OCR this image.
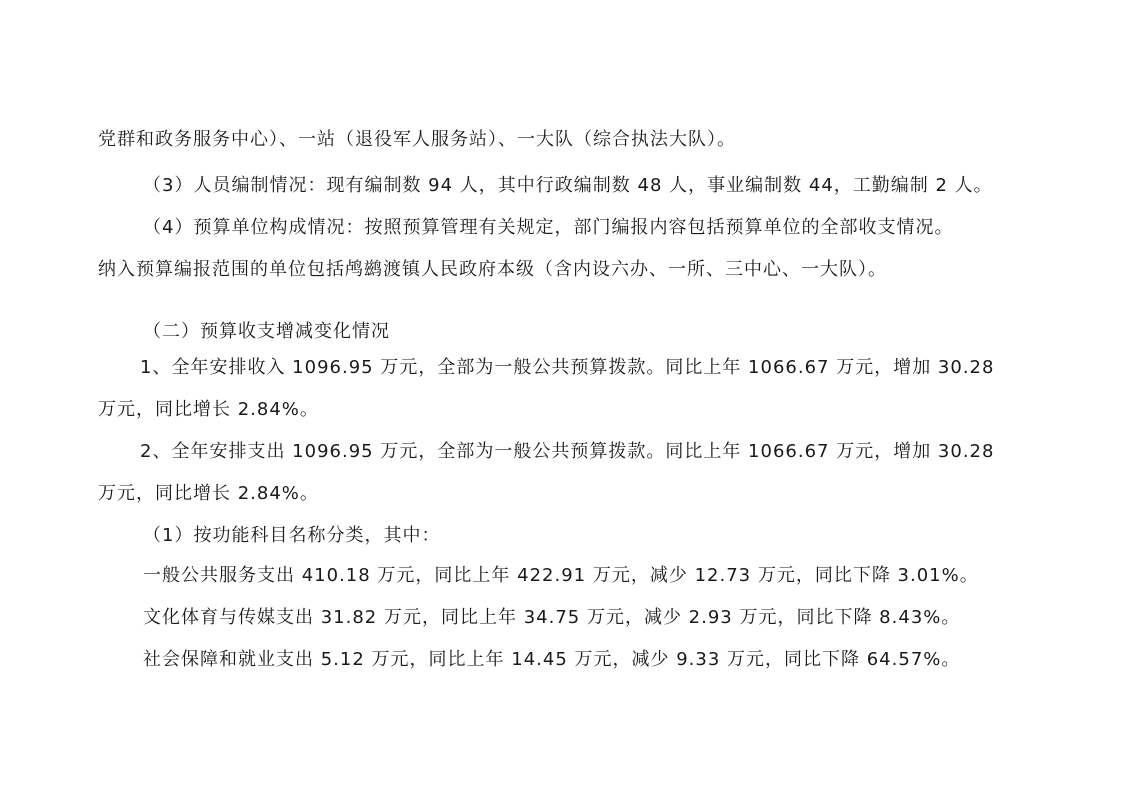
党群和政务服务中心）、一站（退役军人服务站）、一大队（综合执法大队）。
（3）人员编制情况：现有编制数 94 人，其中行政编制数 48 人，事业编制数 44，工勤编制 2 人。
（4）预算单位构成情况：按照预算管理有关规定，部门编报内容包括预算单位的全部收支情况。
纳入预算编报范围的单位包括鸬鹚渡镇人民政府本级（含内设六办、一所、三中心、一大队）。
（二）预算收支增减变化情况
1、全年安排收入 1096.95 万元，全部为一般公共预算拨款。同比上年 1066.67 万元，增加 30.28
万元，同比增长 2.84%。
2、全年安排支出 1096.95 万元，全部为一般公共预算拨款。同比上年 1066.67 万元，增加 30.28
万元，同比增长 2.84%。
（1）按功能科目名称分类，其中：
一般公共服务支出 410.18 万元，同比上年 422.91 万元，减少 12.73 万元，同比下降 3.01%。
文化体育与传媒支出 31.82 万元，同比上年 34.75 万元，减少 2.93 万元，同比下降 8.43%。
社会保障和就业支出 5.12 万元，同比上年 14.45 万元，减少 9.33 万元，同比下降 64.57%。
